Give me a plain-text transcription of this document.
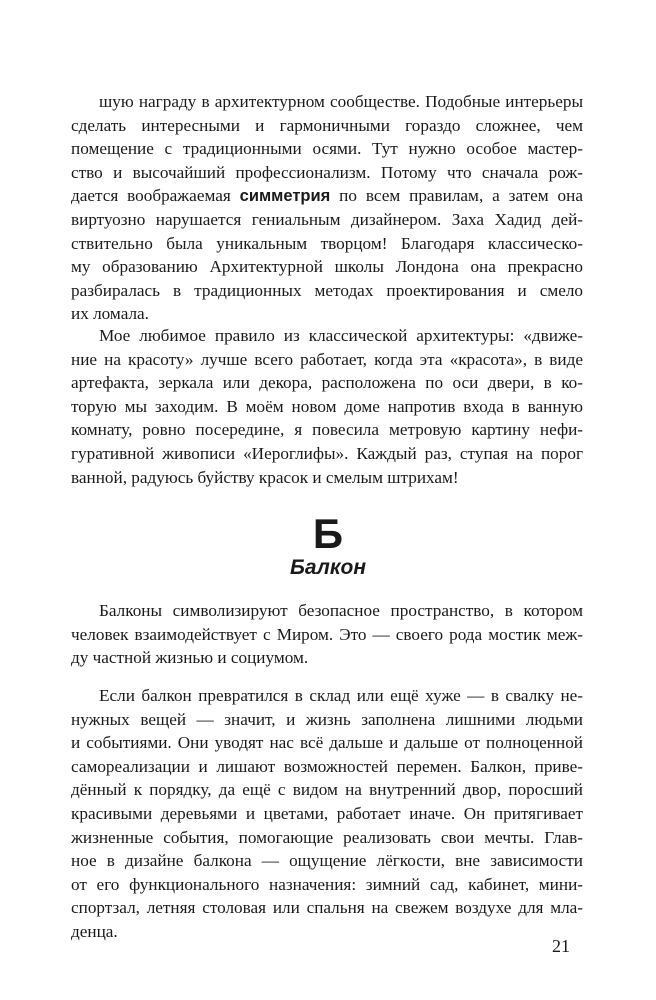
шую награду в архитектурном сообществе. Подобные интерьеры
сделать интересными и гармоничными гораздо сложнее, чем
помещение с традиционными осями. Тут нужно особое мастер-
ство и высочайший профессионализм. Потому что сначала рож-
дается воображаемая симметрия по всем правилам, а затем она
виртуозно нарушается гениальным дизайнером. Заха Хадид дей-
ствительно была уникальным творцом! Благодаря классическо-
му образованию Архитектурной школы Лондона она прекрасно
разбиралась в традиционных методах проектирования и смело
их ломала.
Мое любимое правило из классической архитектуры: «движе-
ние на красоту» лучше всего работает, когда эта «красота», в виде
артефакта, зеркала или декора, расположена по оси двери, в ко-
торую мы заходим. В моём новом доме напротив входа в ванную
комнату, ровно посередине, я повесила метровую картину нефи-
гуративной живописи «Иероглифы». Каждый раз, ступая на порог
ванной, радуюсь буйству красок и смелым штрихам!
Б
Балкон
Балконы символизируют безопасное пространство, в котором
человек взаимодействует с Миром. Это — своего рода мостик меж-
ду частной жизнью и социумом.
Если балкон превратился в склад или ещё хуже — в свалку не-
нужных вещей — значит, и жизнь заполнена лишними людьми
и событиями. Они уводят нас всё дальше и дальше от полноценной
самореализации и лишают возможностей перемен. Балкон, приве-
дённый к порядку, да ещё с видом на внутренний двор, поросший
красивыми деревьями и цветами, работает иначе. Он притягивает
жизненные события, помогающие реализовать свои мечты. Глав-
ное в дизайне балкона — ощущение лёгкости, вне зависимости
от его функционального назначения: зимний сад, кабинет, мини-
спортзал, летняя столовая или спальня на свежем воздухе для мла-
денца.
21
